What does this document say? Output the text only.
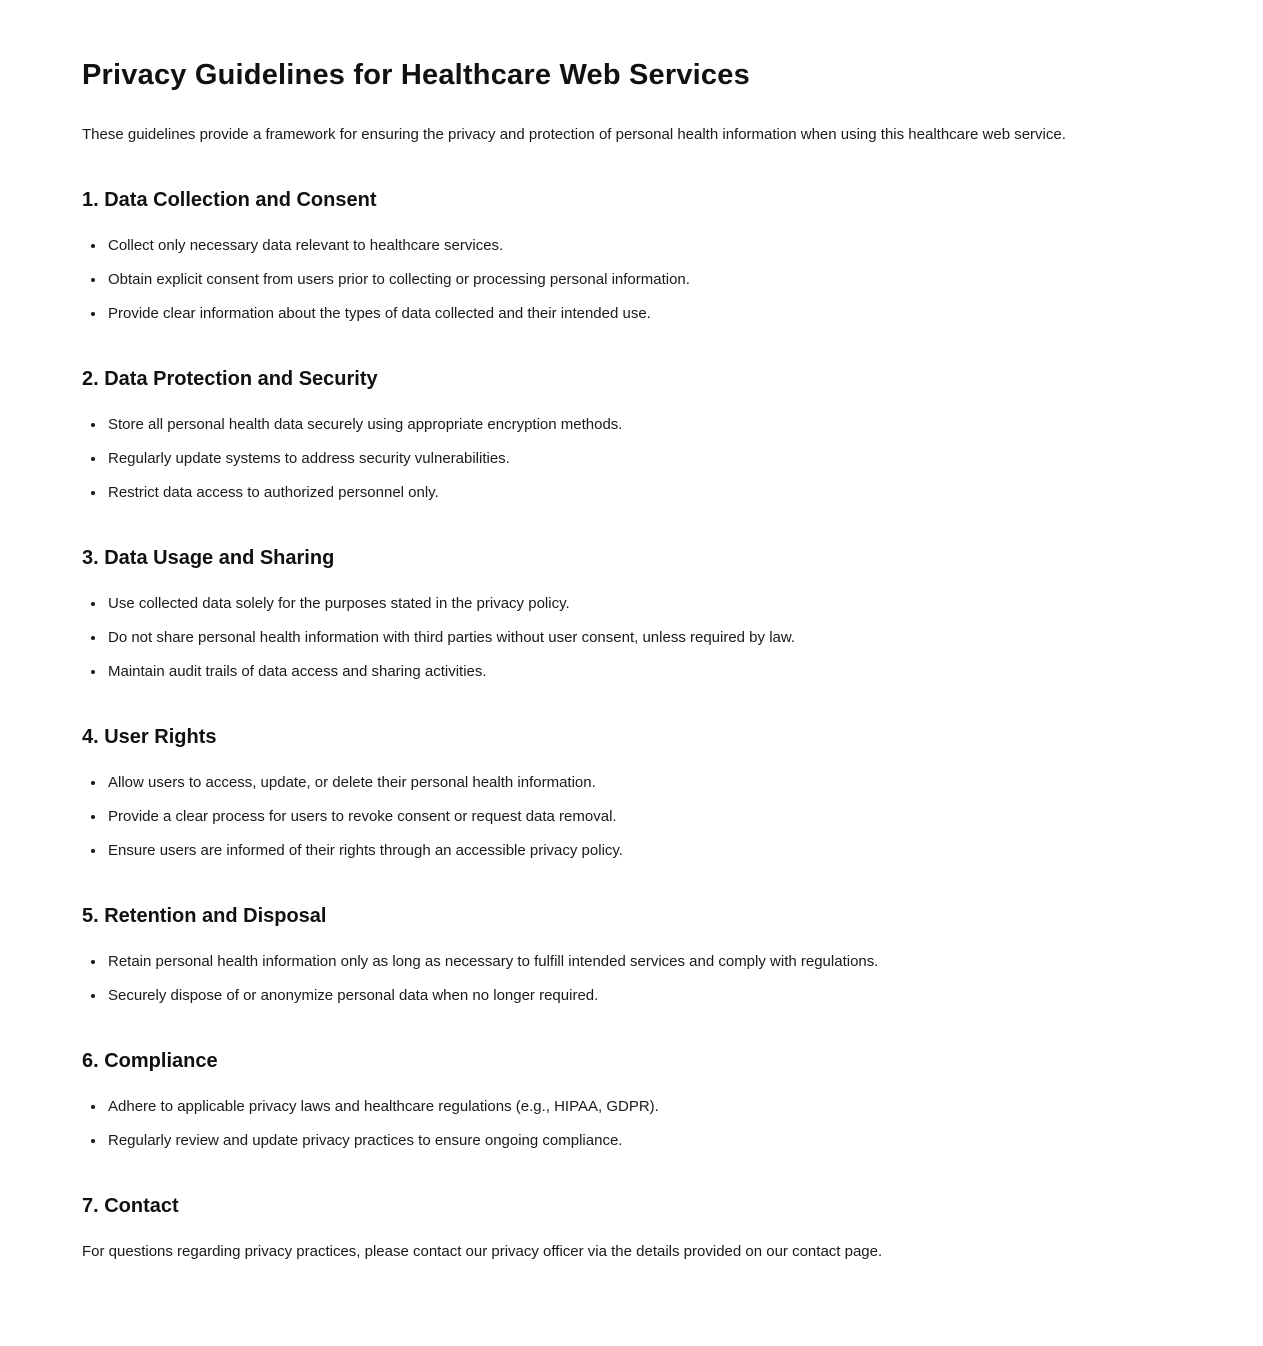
Privacy Guidelines for Healthcare Web Services

These guidelines provide a framework for ensuring the privacy and protection of personal health information when using this healthcare web service.

1. Data Collection and Consent
• Collect only necessary data relevant to healthcare services.
• Obtain explicit consent from users prior to collecting or processing personal information.
• Provide clear information about the types of data collected and their intended use.
2. Data Protection and Security
• Store all personal health data securely using appropriate encryption methods.
• Regularly update systems to address security vulnerabilities.
• Restrict data access to authorized personnel only.
3. Data Usage and Sharing
• Use collected data solely for the purposes stated in the privacy policy.
• Do not share personal health information with third parties without user consent, unless required by law.
• Maintain audit trails of data access and sharing activities.
4. User Rights
• Allow users to access, update, or delete their personal health information.
• Provide a clear process for users to revoke consent or request data removal.
• Ensure users are informed of their rights through an accessible privacy policy.
5. Retention and Disposal
• Retain personal health information only as long as necessary to fulfill intended services and comply with regulations.
• Securely dispose of or anonymize personal data when no longer required.
6. Compliance
• Adhere to applicable privacy laws and healthcare regulations (e.g., HIPAA, GDPR).
• Regularly review and update privacy practices to ensure ongoing compliance.
7. Contact

For questions regarding privacy practices, please contact our privacy officer via the details provided on our contact page.
